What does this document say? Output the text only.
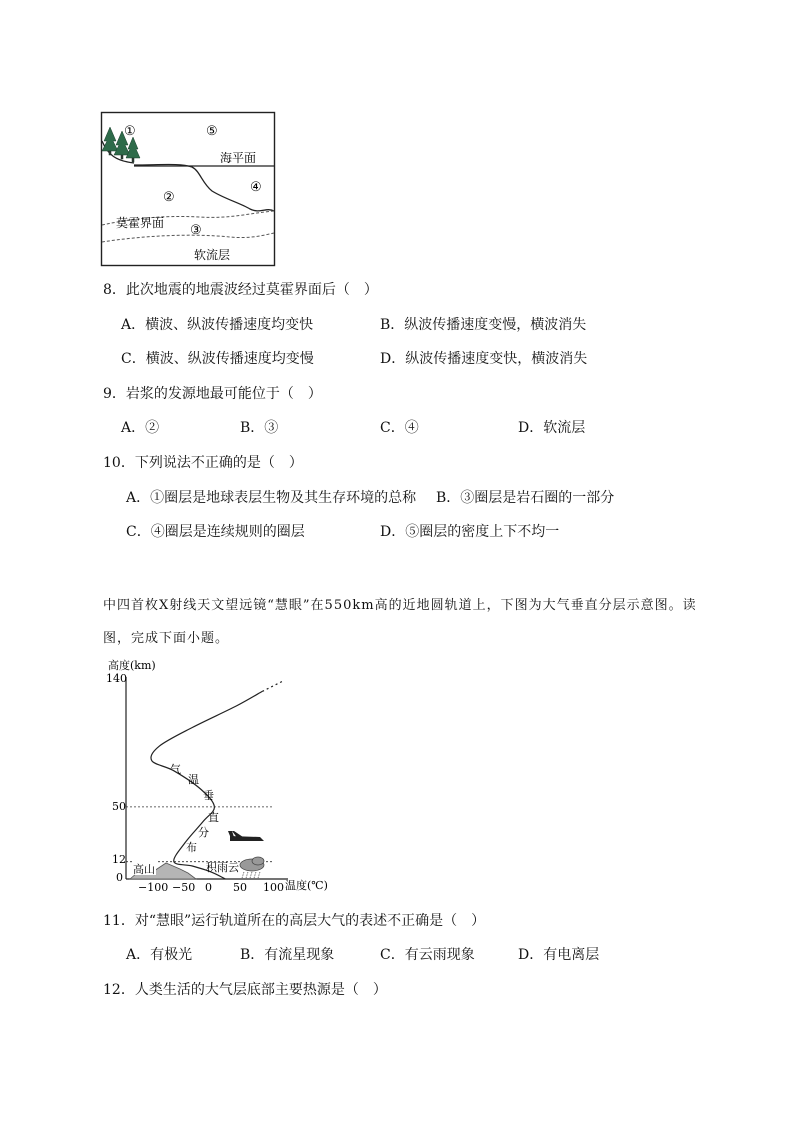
①	⑤
海平面
②
④
莫霍界面 ③
软流层
8．此次地震的地震波经过莫霍界面后（　）
A．横波、纵波传播速度均变快	B．纵波传播速度变慢，横波消失
C．横波、纵波传播速度均变慢	D．纵波传播速度变快，横波消失
9．岩浆的发源地最可能位于（　）
A．②	B．③	C．④	D．软流层
10．下列说法不正确的是（　）
A．①圈层是地球表层生物及其生存环境的总称 B．③圈层是岩石圈的一部分
C．④圈层是连续规则的圈层	D．⑤圈层的密度上下不均一
中四首枚X射线天文望远镜“慧眼”在550km高的近地圆轨道上，下图为大气垂直分层示意图。读
图，完成下面小题。
高度(km)
温度(℃)
140
50
12
0
−100 −50 0 50 100
气
温
垂
直
分
布
高山	积雨云
11．对“慧眼”运行轨道所在的高层大气的表述不正确是（　）
A．有极光	B．有流星现象	C．有云雨现象	D．有电离层
12．人类生活的大气层底部主要热源是（　）
